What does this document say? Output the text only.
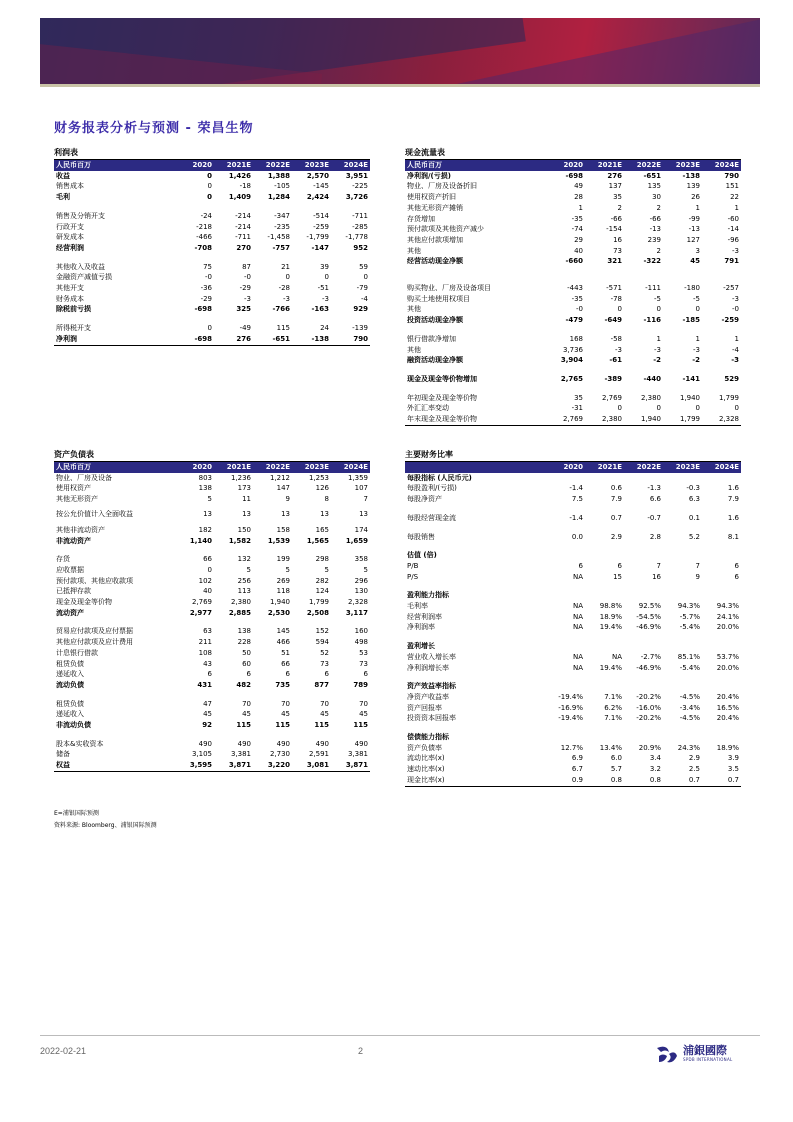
财务报表分析与预测 - 荣昌生物
利润表
人民币百万	2020	2021E	2022E	2023E	2024E
收益	0	1,426	1,388	2,570	3,951
销售成本	0	-18	-105	-145	-225
毛利	0	1,409	1,284	2,424	3,726

销售及分销开支	-24	-214	-347	-514	-711
行政开支	-218	-214	-235	-259	-285
研发成本	-466	-711	-1,458	-1,799	-1,778
经营利润	-708	270	-757	-147	952

其他收入及收益	75	87	21	39	59
金融资产减值亏损	-0	-0	0	0	0
其他开支	-36	-29	-28	-51	-79
财务成本	-29	-3	-3	-3	-4
除税前亏损	-698	325	-766	-163	929

所得税开支	0	-49	115	24	-139
净利润	-698	276	-651	-138	790

现金流量表
人民币百万	2020	2021E	2022E	2023E	2024E
净利润/(亏损)	-698	276	-651	-138	790
物业、厂房及设备折旧	49	137	135	139	151
使用权资产折旧	28	35	30	26	22
其他无形资产摊销	1	2	2	1	1
存货增加	-35	-66	-66	-99	-60
预付款项及其他资产减少	-74	-154	-13	-13	-14
其他应付款项增加	29	16	239	127	-96
其他	40	73	2	3	-3
经营活动现金净额	-660	321	-322	45	791

购买物业、厂房及设备项目	-443	-571	-111	-180	-257
购买土地使用权项目	-35	-78	-5	-5	-3
其他	-0	0	0	0	-0
投资活动现金净额	-479	-649	-116	-185	-259

银行借款净增加	168	-58	1	1	1
其他	3,736	-3	-3	-3	-4
融资活动现金净额	3,904	-61	-2	-2	-3

现金及现金等价物增加	2,765	-389	-440	-141	529

年初现金及现金等价物	35	2,769	2,380	1,940	1,799
外汇汇率变动	-31	0	0	0	0
年末现金及现金等价物	2,769	2,380	1,940	1,799	2,328

资产负债表
人民币百万	2020	2021E	2022E	2023E	2024E
物业、厂房及设备	803	1,236	1,212	1,253	1,359
使用权资产	138	173	147	126	107
其他无形资产	5	11	9	8	7
按公允价值计入全面收益	13	13	13	13	13
其他非流动资产	182	150	158	165	174
非流动资产	1,140	1,582	1,539	1,565	1,659

存货	66	132	199	298	358
应收票据	0	5	5	5	5
预付款项、其他应收款项	102	256	269	282	296
已抵押存款	40	113	118	124	130
现金及现金等价物	2,769	2,380	1,940	1,799	2,328
流动资产	2,977	2,885	2,530	2,508	3,117

贸易应付款项及应付票据	63	138	145	152	160
其他应付款项及应计费用	211	228	466	594	498
计息银行借款	108	50	51	52	53
租赁负债	43	60	66	73	73
递延收入	6	6	6	6	6
流动负债	431	482	735	877	789

租赁负债	47	70	70	70	70
递延收入	45	45	45	45	45
非流动负债	92	115	115	115	115

股本&实收资本	490	490	490	490	490
储备	3,105	3,381	2,730	2,591	3,381
权益	3,595	3,871	3,220	3,081	3,871

主要财务比率
	2020	2021E	2022E	2023E	2024E
每股指标 (人民币元)					
每股盈利/(亏损)	-1.4	0.6	-1.3	-0.3	1.6
每股净资产	7.5	7.9	6.6	6.3	7.9

每股经营现金流	-1.4	0.7	-0.7	0.1	1.6

每股销售	0.0	2.9	2.8	5.2	8.1

估值 (倍)					
P/B	6	6	7	7	6
P/S	NA	15	16	9	6

盈利能力指标					
毛利率	NA	98.8%	92.5%	94.3%	94.3%
经营利润率	NA	18.9%	-54.5%	-5.7%	24.1%
净利润率	NA	19.4%	-46.9%	-5.4%	20.0%

盈利增长					
营业收入增长率	NA	NA	-2.7%	85.1%	53.7%
净利润增长率	NA	19.4%	-46.9%	-5.4%	20.0%

资产效益率指标					
净资产收益率	-19.4%	7.1%	-20.2%	-4.5%	20.4%
资产回报率	-16.9%	6.2%	-16.0%	-3.4%	16.5%
投资资本回报率	-19.4%	7.1%	-20.2%	-4.5%	20.4%

偿债能力指标					
资产负债率	12.7%	13.4%	20.9%	24.3%	18.9%
流动比率(x)	6.9	6.0	3.4	2.9	3.9
速动比率(x)	6.7	5.7	3.2	2.5	3.5
现金比率(x)	0.9	0.8	0.8	0.7	0.7

E=浦银国际预测
资料来源: Bloomberg、浦银国际预测
2022-02-21	2	浦銀國際
SPDB INTERNATIONAL
